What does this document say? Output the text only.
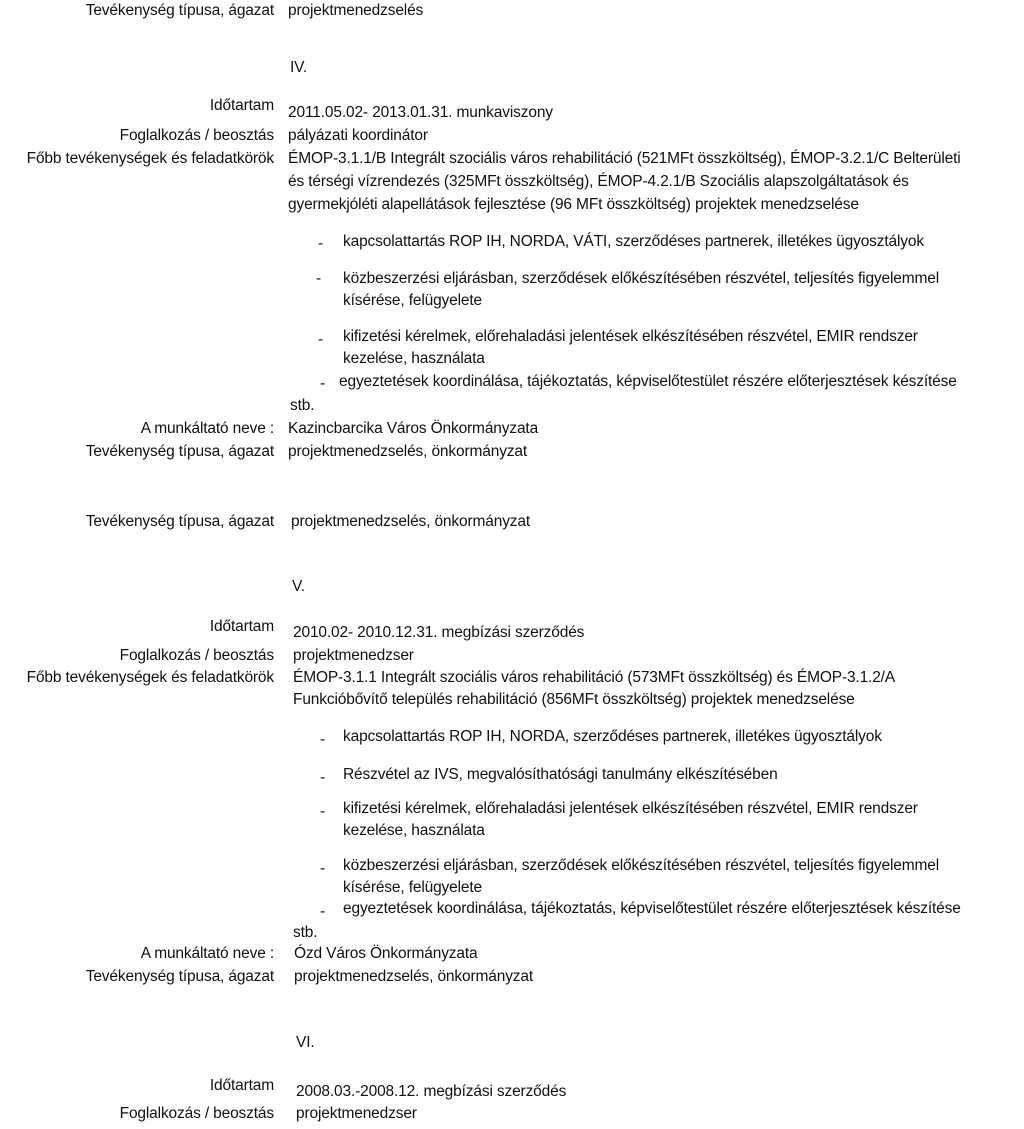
Tevékenység típusa, ágazat projektmenedzselés
IV.
Időtartam 2011.05.02- 2013.01.31. munkaviszony
Foglalkozás / beosztás pályázati koordinátor
Főbb tevékenységek és feladatkörök ÉMOP-3.1.1/B Integrált szociális város rehabilitáció (521MFt összköltség), ÉMOP-3.2.1/C Belterületi
és térségi vízrendezés (325MFt összköltség), ÉMOP-4.2.1/B Szociális alapszolgáltatások és
gyermekjóléti alapellátások fejlesztése (96 MFt összköltség) projektek menedzselése
- kapcsolattartás ROP IH, NORDA, VÁTI, szerződéses partnerek, illetékes ügyosztályok
- közbeszerzési eljárásban, szerződések előkészítésében részvétel, teljesítés figyelemmel
kísérése, felügyelete
- kifizetési kérelmek, előrehaladási jelentések elkészítésében részvétel, EMIR rendszer
kezelése, használata
- egyeztetések koordinálása, tájékoztatás, képviselőtestület részére előterjesztések készítése
stb.
A munkáltató neve : Kazincbarcika Város Önkormányzata
Tevékenység típusa, ágazat projektmenedzselés, önkormányzat
Tevékenység típusa, ágazat projektmenedzselés, önkormányzat
V.
Időtartam 2010.02- 2010.12.31. megbízási szerződés
Foglalkozás / beosztás projektmenedzser
Főbb tevékenységek és feladatkörök ÉMOP-3.1.1 Integrált szociális város rehabilitáció (573MFt összköltség) és ÉMOP-3.1.2/A
Funkcióbővítő település rehabilitáció (856MFt összköltség) projektek menedzselése
- kapcsolattartás ROP IH, NORDA, szerződéses partnerek, illetékes ügyosztályok
- Részvétel az IVS, megvalósíthatósági tanulmány elkészítésében
- kifizetési kérelmek, előrehaladási jelentések elkészítésében részvétel, EMIR rendszer
kezelése, használata
- közbeszerzési eljárásban, szerződések előkészítésében részvétel, teljesítés figyelemmel
kísérése, felügyelete
- egyeztetések koordinálása, tájékoztatás, képviselőtestület részére előterjesztések készítése
stb.
A munkáltató neve : Ózd Város Önkormányzata
Tevékenység típusa, ágazat projektmenedzselés, önkormányzat
VI.
Időtartam 2008.03.-2008.12. megbízási szerződés
Foglalkozás / beosztás projektmenedzser
